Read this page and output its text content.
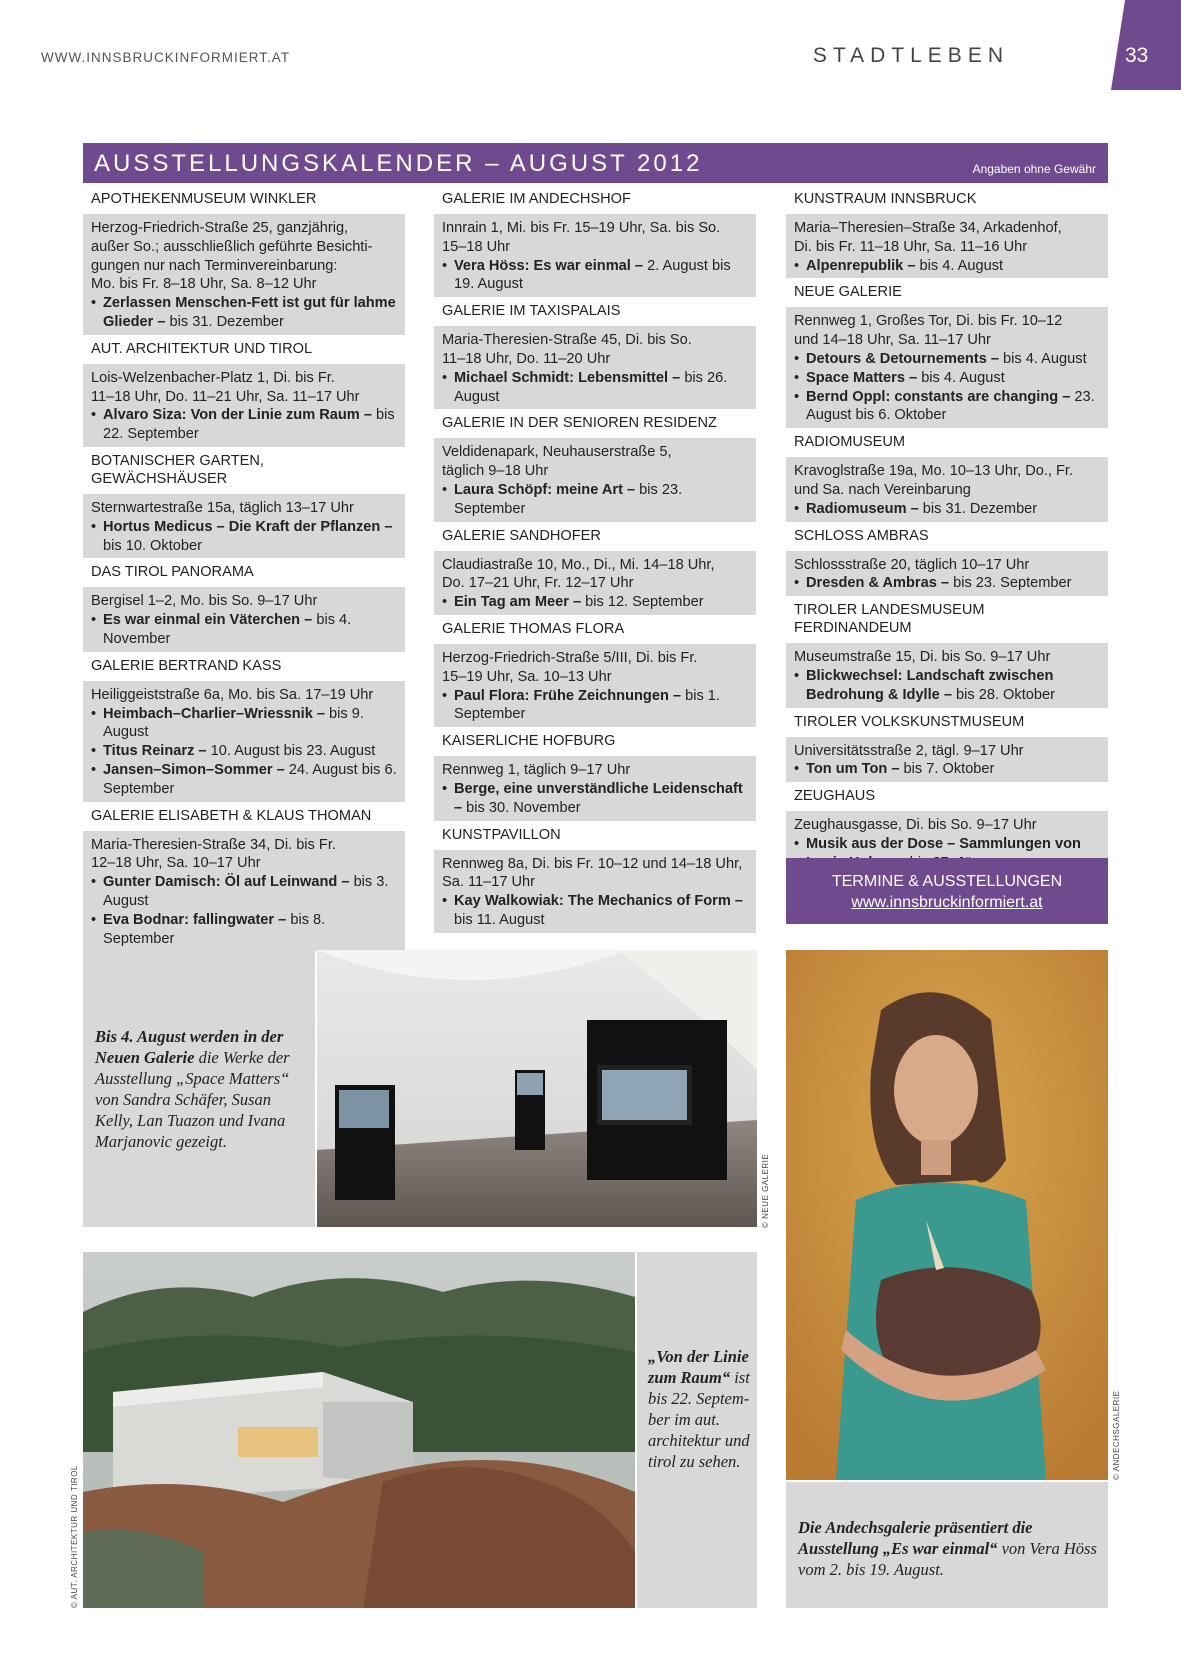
WWW.INNSBRUCKINFORMIERT.AT	STADTLEBEN	33
AUSSTELLUNGSKALENDER – AUGUST 2012	Angaben ohne Gewähr
APOTHEKENMUSEUM WINKLER
Herzog-Friedrich-Straße 25, ganzjährig,
außer So.; ausschließlich geführte Besichti-
gungen nur nach Terminvereinbarung:
Mo. bis Fr. 8–18 Uhr, Sa. 8–12 Uhr
• Zerlassen Menschen-Fett ist gut für lahme Glieder – bis 31. Dezember
AUT. ARCHITEKTUR UND TIROL
Lois-Welzenbacher-Platz 1, Di. bis Fr.
11–18 Uhr, Do. 11–21 Uhr, Sa. 11–17 Uhr
• Alvaro Siza: Von der Linie zum Raum – bis 22. September
BOTANISCHER GARTEN, GEWÄCHSHÄUSER
Sternwartestraße 15a, täglich 13–17 Uhr
• Hortus Medicus – Die Kraft der Pflanzen – bis 10. Oktober
DAS TIROL PANORAMA
Bergisel 1–2, Mo. bis So. 9–17 Uhr
• Es war einmal ein Väterchen – bis 4. November
GALERIE BERTRAND KASS
Heiliggeiststraße 6a, Mo. bis Sa. 17–19 Uhr
• Heimbach–Charlier–Wriessnik – bis 9. August
• Titus Reinarz – 10. August bis 23. August
• Jansen–Simon–Sommer – 24. August bis 6. September
GALERIE ELISABETH & KLAUS THOMAN
Maria-Theresien-Straße 34, Di. bis Fr.
12–18 Uhr, Sa. 10–17 Uhr
• Gunter Damisch: Öl auf Leinwand – bis 3. August
• Eva Bodnar: fallingwater – bis 8. September
GALERIE IM ANDECHSHOF
Innrain 1, Mi. bis Fr. 15–19 Uhr, Sa. bis So.
15–18 Uhr
• Vera Höss: Es war einmal – 2. August bis 19. August
GALERIE IM TAXISPALAIS
Maria-Theresien-Straße 45, Di. bis So.
11–18 Uhr, Do. 11–20 Uhr
• Michael Schmidt: Lebensmittel – bis 26. August
GALERIE IN DER SENIOREN RESIDENZ
Veldidenapark, Neuhauserstraße 5,
täglich 9–18 Uhr
• Laura Schöpf: meine Art – bis 23. September
GALERIE SANDHOFER
Claudiastraße 10, Mo., Di., Mi. 14–18 Uhr,
Do. 17–21 Uhr, Fr. 12–17 Uhr
• Ein Tag am Meer – bis 12. September
GALERIE THOMAS FLORA
Herzog-Friedrich-Straße 5/III, Di. bis Fr.
15–19 Uhr, Sa. 10–13 Uhr
• Paul Flora: Frühe Zeichnungen – bis 1. September
KAISERLICHE HOFBURG
Rennweg 1, täglich 9–17 Uhr
• Berge, eine unverständliche Leidenschaft – bis 30. November
KUNSTPAVILLON
Rennweg 8a, Di. bis Fr. 10–12 und 14–18 Uhr,
Sa. 11–17 Uhr
• Kay Walkowiak: The Mechanics of Form – bis 11. August
KUNSTRAUM INNSBRUCK
Maria–Theresien–Straße 34, Arkadenhof,
Di. bis Fr. 11–18 Uhr, Sa. 11–16 Uhr
• Alpenrepublik – bis 4. August
NEUE GALERIE
Rennweg 1, Großes Tor, Di. bis Fr. 10–12
und 14–18 Uhr, Sa. 11–17 Uhr
• Detours & Detournements – bis 4. August
• Space Matters – bis 4. August
• Bernd Oppl: constants are changing – 23. August bis 6. Oktober
RADIOMUSEUM
Kravoglstraße 19a, Mo. 10–13 Uhr, Do., Fr.
und Sa. nach Vereinbarung
• Radiomuseum – bis 31. Dezember
SCHLOSS AMBRAS
Schlossstraße 20, täglich 10–17 Uhr
• Dresden & Ambras – bis 23. September
TIROLER LANDESMUSEUM FERDINANDEUM
Museumstraße 15, Di. bis So. 9–17 Uhr
• Blickwechsel: Landschaft zwischen Bedrohung & Idylle – bis 28. Oktober
TIROLER VOLKSKUNSTMUSEUM
Universitätsstraße 2, tägl. 9–17 Uhr
• Ton um Ton – bis 7. Oktober
ZEUGHAUS
Zeughausgasse, Di. bis So. 9–17 Uhr
• Musik aus der Dose – Sammlungen von
TERMINE & AUSSTELLUNGEN
www.innsbruckinformiert.at
Bis 4. August werden in der Neuen Galerie die Werke der Ausstellung „Space Matters“ von Sandra Schäfer, Susan Kelly, Lan Tuazon und Ivana Marjanovic gezeigt.
© NEUE GALERIE
„Von der Linie zum Raum“ ist bis 22. Septem-ber im aut. architektur und tirol zu sehen.
© AUT. ARCHITEKTUR UND TIROL
© ANDECHSGALERIE
Die Andechsgalerie präsentiert die Ausstellung „Es war einmal“ von Vera Höss vom 2. bis 19. August.
